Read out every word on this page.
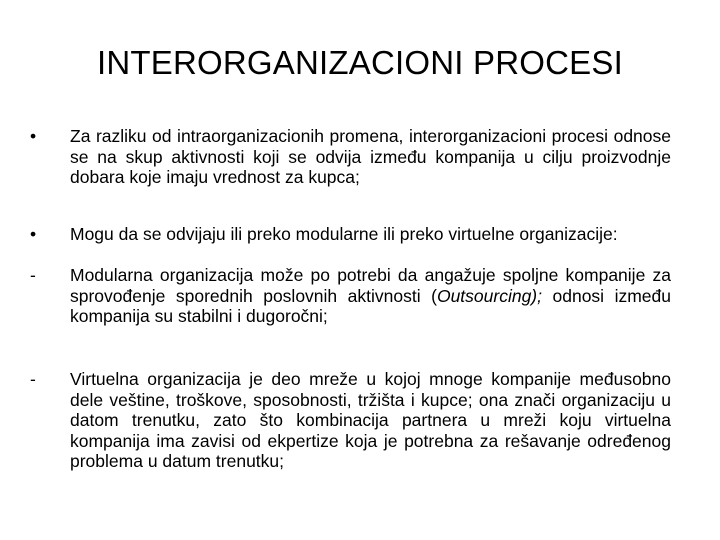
INTERORGANIZACIONI PROCESI
•	Za razliku od intraorganizacionih promena, interorganizacioni procesi odnose se na skup aktivnosti koji se odvija između kompanija u cilju proizvodnje dobara koje imaju vrednost za kupca;
•	Mogu da se odvijaju ili preko modularne ili preko virtuelne organizacije:
-	Modularna organizacija može po potrebi da angažuje spoljne kompanije za sprovođenje sporednih poslovnih aktivnosti (Outsourcing); odnosi između kompanija su stabilni i dugoročni;
-	Virtuelna organizacija je deo mreže u kojoj mnoge kompanije međusobno dele veštine, troškove, sposobnosti, tržišta i kupce; ona znači organizaciju u datom trenutku, zato što kombinacija partnera u mreži koju virtuelna kompanija ima zavisi od ekpertize koja je potrebna za rešavanje određenog problema u datum trenutku;
